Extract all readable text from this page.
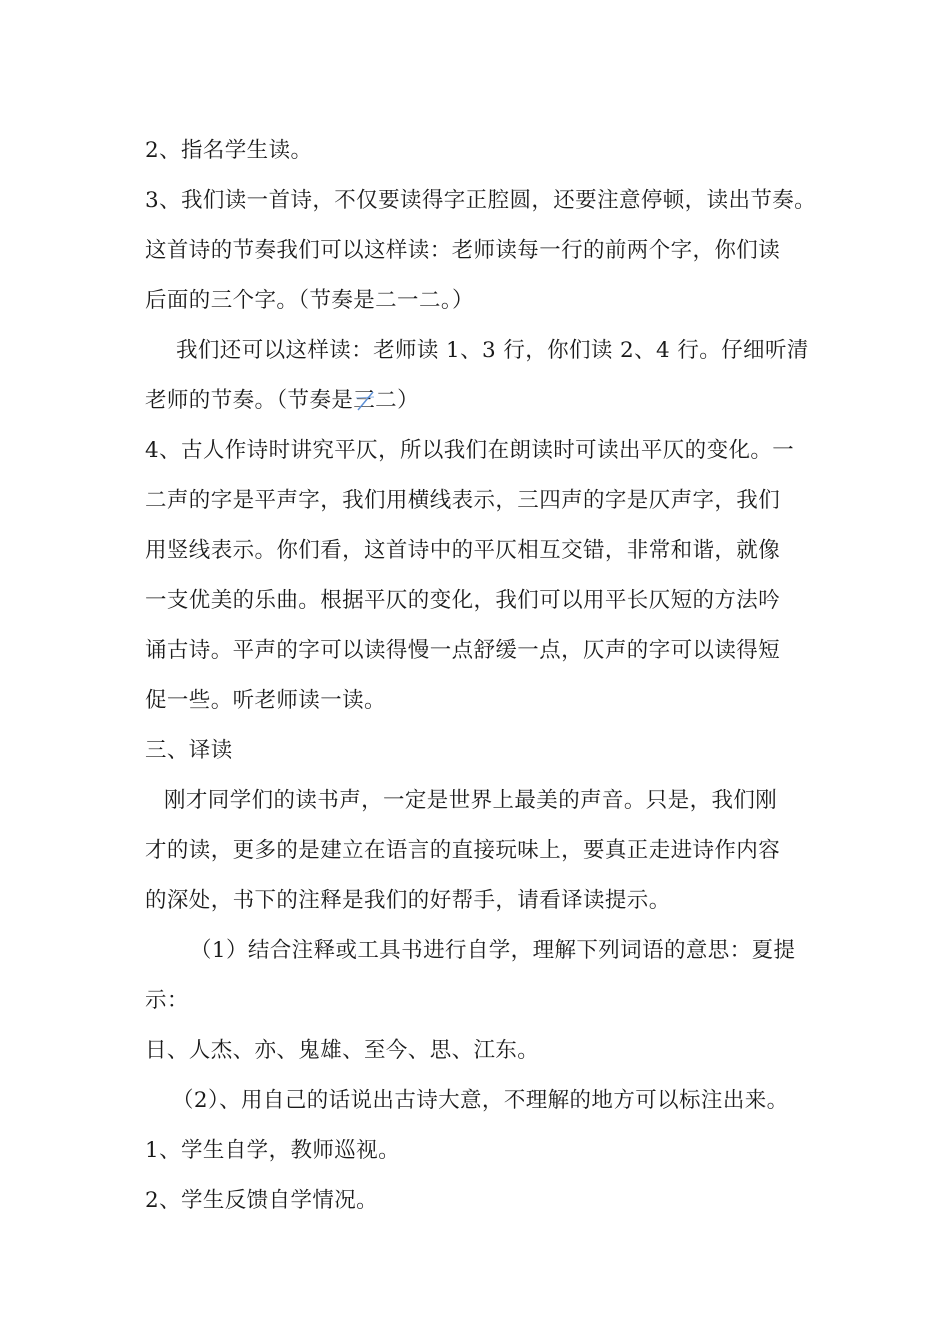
2、指名学生读。
3、我们读一首诗，不仅要读得字正腔圆，还要注意停顿，读出节奏。
这首诗的节奏我们可以这样读：老师读每一行的前两个字，你们读
后面的三个字。（节奏是二一二。）
我们还可以这样读：老师读 1、3 行，你们读 2、4 行。仔细听清
老师的节奏。（节奏是三
二）
4、古人作诗时讲究平仄，所以我们在朗读时可读出平仄的变化。一
二声的字是平声字，我们用横线表示，三四声的字是仄声字，我们
用竖线表示。你们看，这首诗中的平仄相互交错，非常和谐，就像
一支优美的乐曲。根据平仄的变化，我们可以用平长仄短的方法吟
诵古诗。平声的字可以读得慢一点舒缓一点，仄声的字可以读得短
促一些。听老师读一读。
三、译读
刚才同学们的读书声，一定是世界上最美的声音。只是，我们刚
才的读，更多的是建立在语言的直接玩味上，要真正走进诗作内容
的深处，书下的注释是我们的好帮手，请看译读提示。
（1）结合注释或工具书进行自学，理解下列词语的意思：夏提
示：
日、人杰、亦、鬼雄、至今、思、江东。
（2）、用自己的话说出古诗大意，不理解的地方可以标注出来。
1、学生自学，教师巡视。
2、学生反馈自学情况。
